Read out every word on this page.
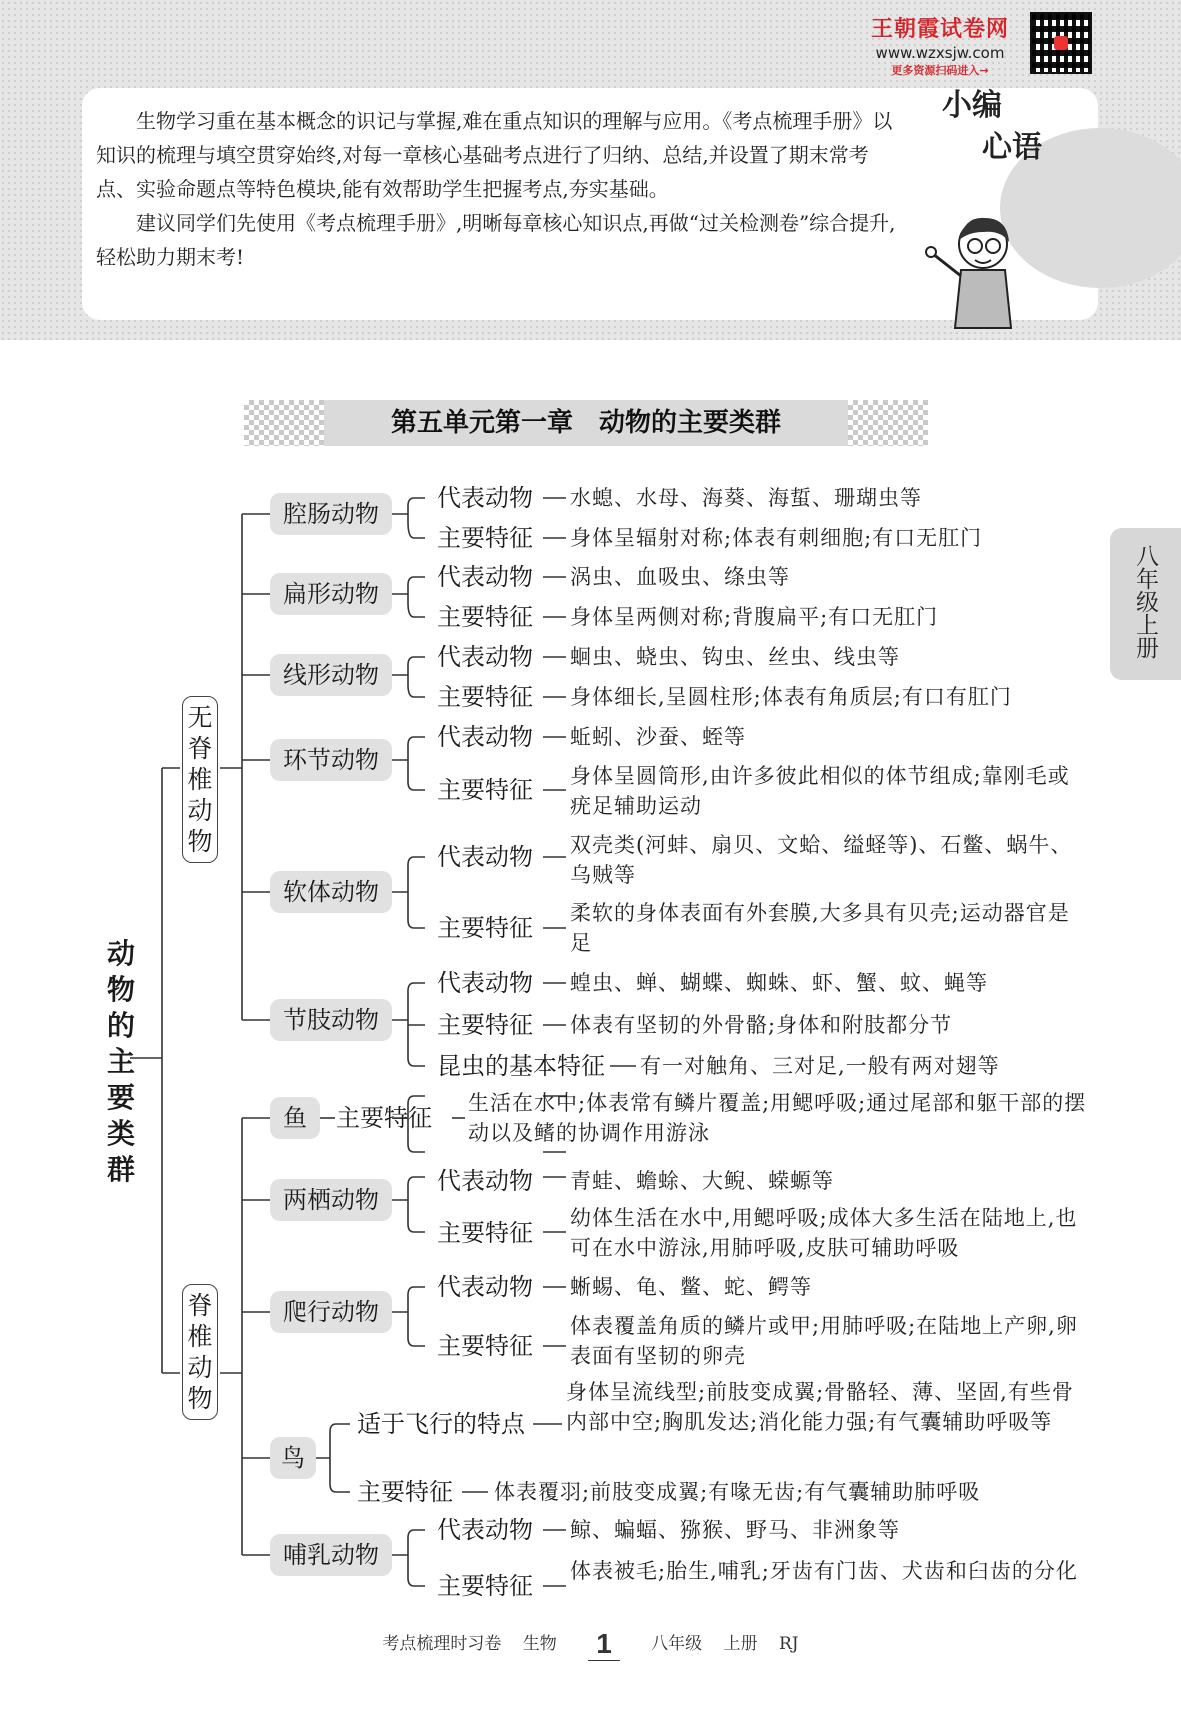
王朝霞试卷网
www.wzxsjw.com
更多资源扫码进入→

生物学习重在基本概念的识记与掌握,难在重点知识的理解与应用。《考点梳理手册》以知识的梳理与填空贯穿始终,对每一章核心基础考点进行了归纳、总结,并设置了期末常考点、实验命题点等特色模块,能有效帮助学生把握考点,夯实基础。

建议同学们先使用《考点梳理手册》,明晰每章核心知识点,再做“过关检测卷”综合提升,轻松助力期末考!

小编
心语
第五单元第一章　动物的主要类群
八年级上册
动物的主要类群
无脊椎动物
脊椎动物
腔肠动物
代表动物
主要特征
水螅、水母、海葵、海蜇、珊瑚虫等
身体呈辐射对称;体表有刺细胞;有口无肛门
扁形动物
代表动物
主要特征
涡虫、血吸虫、绦虫等
身体呈两侧对称;背腹扁平;有口无肛门
线形动物
代表动物
主要特征
蛔虫、蛲虫、钩虫、丝虫、线虫等
身体细长,呈圆柱形;体表有角质层;有口有肛门
环节动物
代表动物
主要特征
蚯蚓、沙蚕、蛭等
身体呈圆筒形,由许多彼此相似的体节组成;靠刚毛或疣足辅助运动
软体动物
代表动物
主要特征
双壳类(河蚌、扇贝、文蛤、缢蛏等)、石鳖、蜗牛、乌贼等
柔软的身体表面有外套膜,大多具有贝壳;运动器官是足
节肢动物
代表动物
主要特征
昆虫的基本特征
蝗虫、蝉、蝴蝶、蜘蛛、虾、蟹、蚊、蝇等
体表有坚韧的外骨骼;身体和附肢都分节
有一对触角、三对足,一般有两对翅等
鱼	主要特征
生活在水中;体表常有鳞片覆盖;用鳃呼吸;通过尾部和躯干部的摆动以及鳍的协调作用游泳
两栖动物
代表动物
主要特征
青蛙、蟾蜍、大鲵、蝾螈等
幼体生活在水中,用鳃呼吸;成体大多生活在陆地上,也可在水中游泳,用肺呼吸,皮肤可辅助呼吸
爬行动物
代表动物
主要特征
蜥蜴、龟、鳖、蛇、鳄等
体表覆盖角质的鳞片或甲;用肺呼吸;在陆地上产卵,卵表面有坚韧的卵壳
鸟
适于飞行的特点
主要特征
身体呈流线型;前肢变成翼;骨骼轻、薄、坚固,有些骨内部中空;胸肌发达;消化能力强;有气囊辅助呼吸等
体表覆羽;前肢变成翼;有喙无齿;有气囊辅助肺呼吸
哺乳动物
代表动物
主要特征
鲸、蝙蝠、猕猴、野马、非洲象等
体表被毛;胎生,哺乳;牙齿有门齿、犬齿和臼齿的分化
考点梳理时习卷 生物 1 八年级 上册 RJ
